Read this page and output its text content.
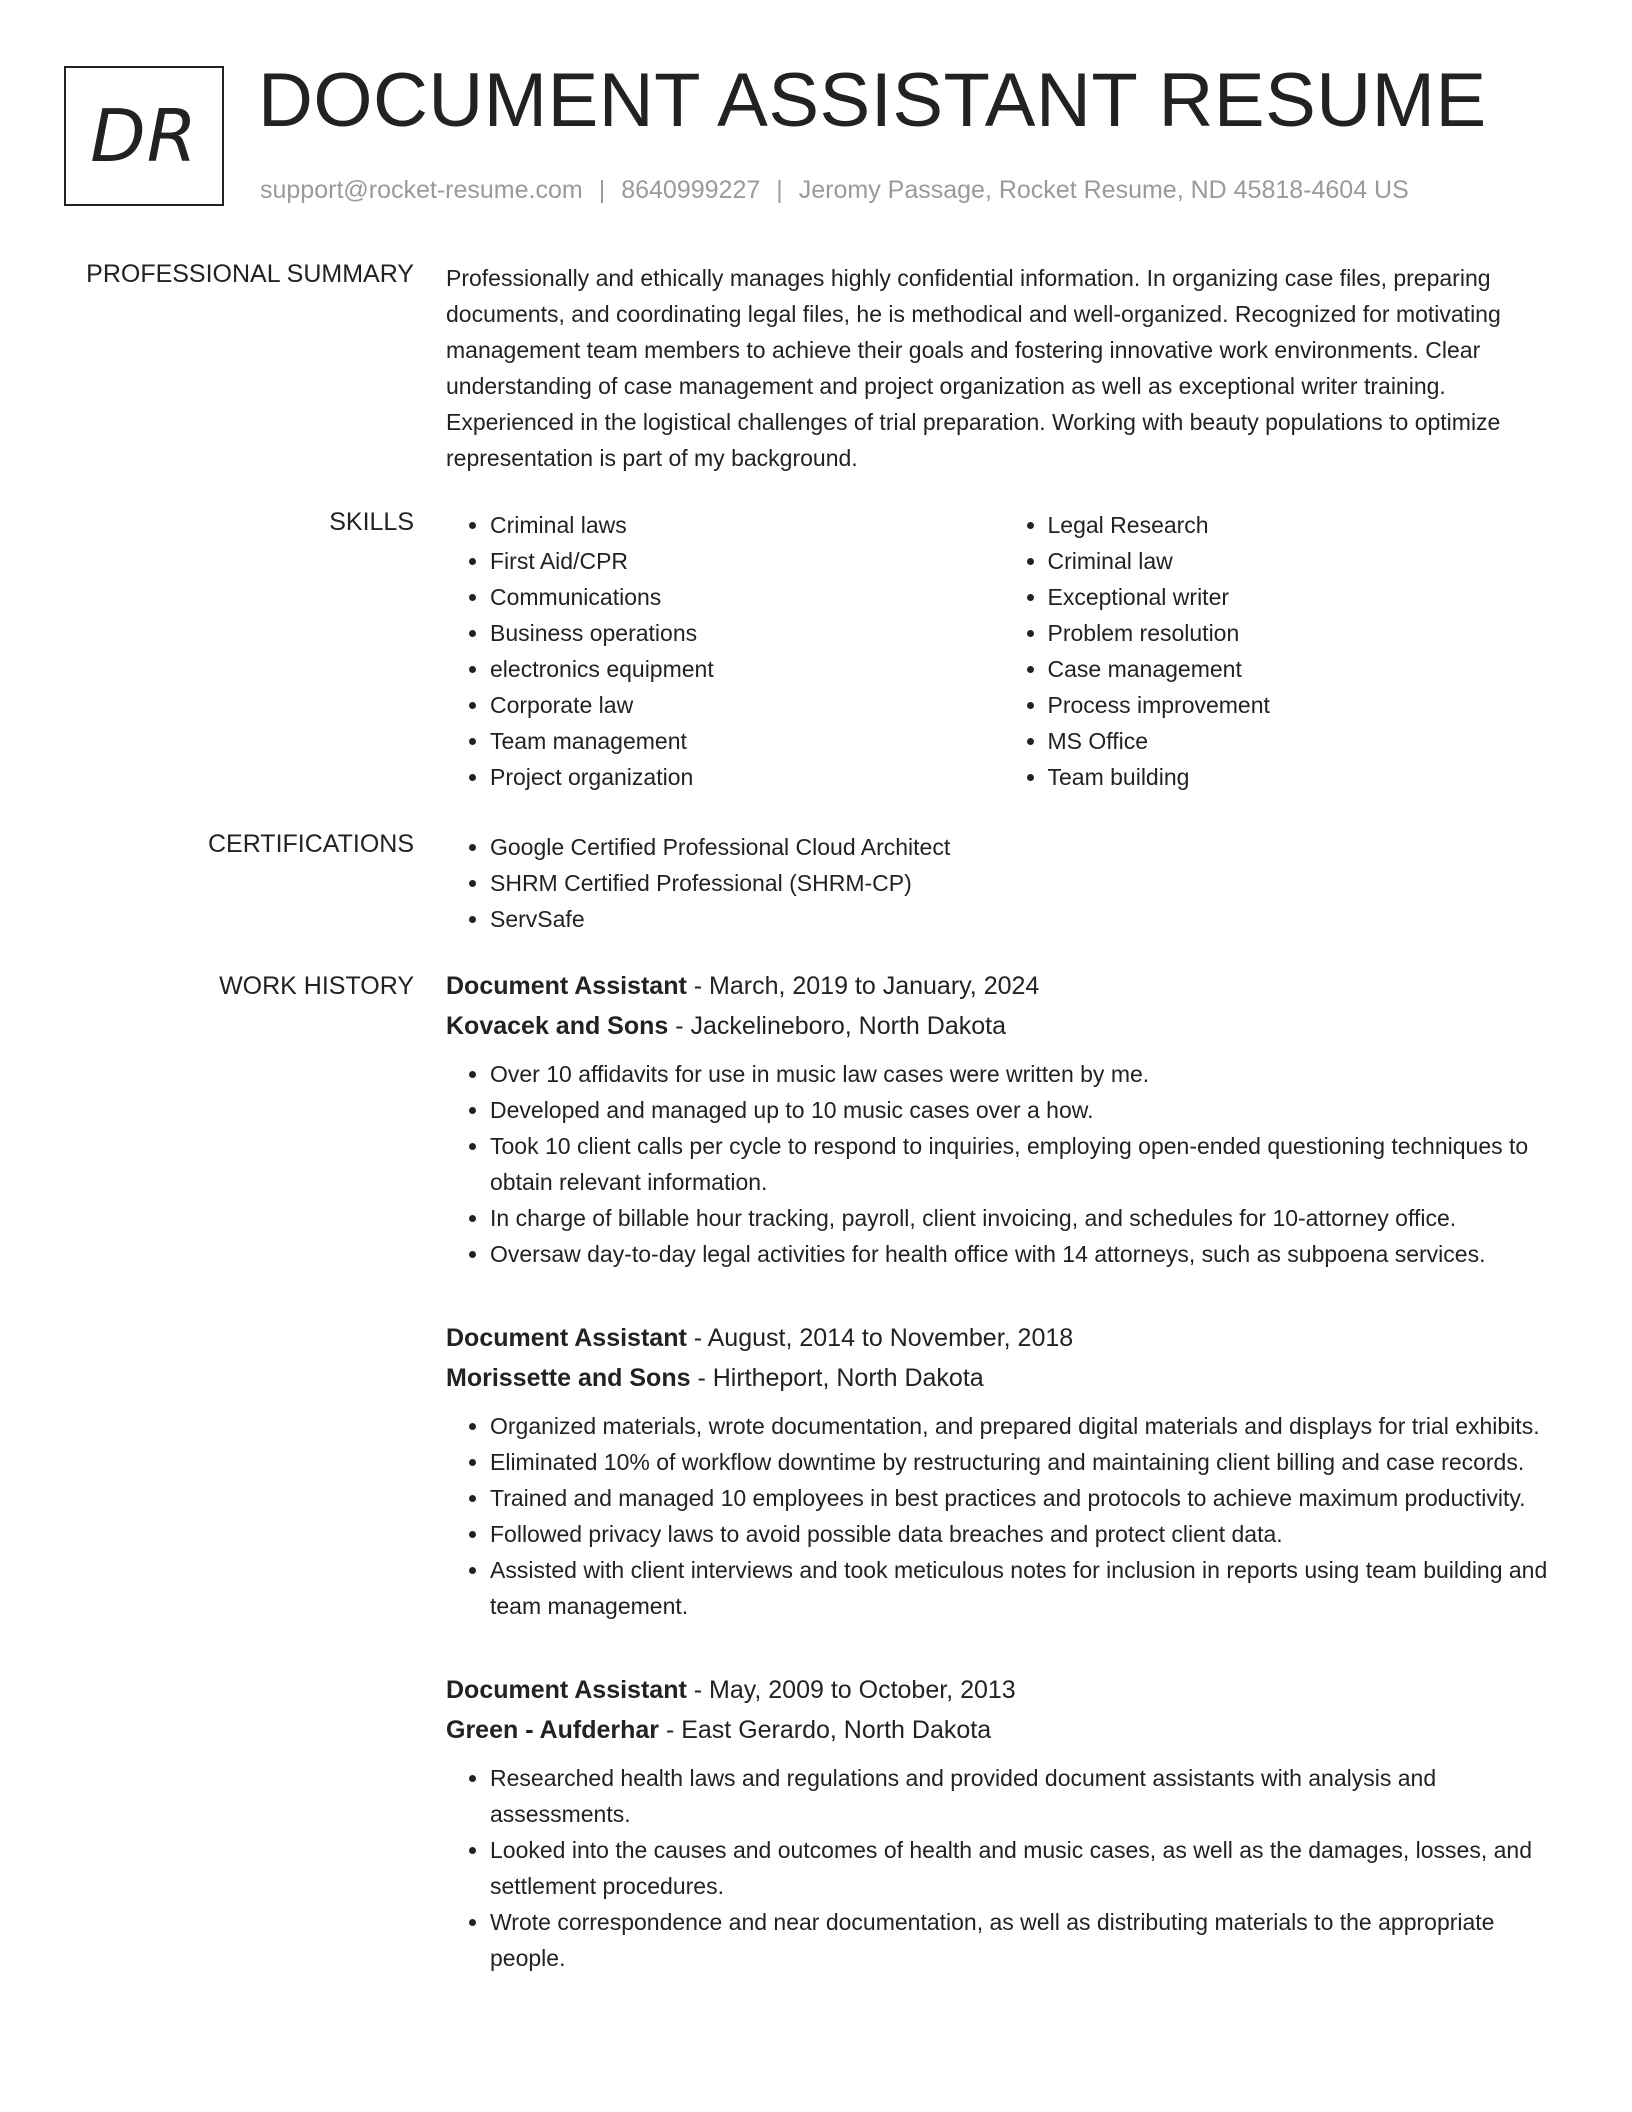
DR DOCUMENT ASSISTANT RESUME
support@rocket-resume.com | 8640999227 | Jeromy Passage, Rocket Resume, ND 45818-4604 US
PROFESSIONAL SUMMARY Professionally and ethically manages highly confidential information. In organizing case files, preparing documents, and coordinating legal files, he is methodical and well-organized. Recognized for motivating management team members to achieve their goals and fostering innovative work environments. Clear understanding of case management and project organization as well as exceptional writer training. Experienced in the logistical challenges of trial preparation. Working with beauty populations to optimize representation is part of my background.

SKILLS	• Criminal laws
• First Aid/CPR
• Communications
• Business operations
• electronics equipment
• Corporate law
• Team management
• Project organization
• Legal Research
• Criminal law
• Exceptional writer
• Problem resolution
• Case management
• Process improvement
• MS Office
• Team building
CERTIFICATIONS	• Google Certified Professional Cloud Architect
• SHRM Certified Professional (SHRM-CP)
• ServSafe
WORK HISTORY Document Assistant - March, 2019 to January, 2024
Kovacek and Sons - Jackelineboro, North Dakota
• Over 10 affidavits for use in music law cases were written by me.
• Developed and managed up to 10 music cases over a how.
• Took 10 client calls per cycle to respond to inquiries, employing open-ended questioning techniques to obtain relevant information.
• In charge of billable hour tracking, payroll, client invoicing, and schedules for 10-attorney office.
• Oversaw day-to-day legal activities for health office with 14 attorneys, such as subpoena services.
Document Assistant - August, 2014 to November, 2018
Morissette and Sons - Hirtheport, North Dakota
• Organized materials, wrote documentation, and prepared digital materials and displays for trial exhibits.
• Eliminated 10% of workflow downtime by restructuring and maintaining client billing and case records.
• Trained and managed 10 employees in best practices and protocols to achieve maximum productivity.
• Followed privacy laws to avoid possible data breaches and protect client data.
• Assisted with client interviews and took meticulous notes for inclusion in reports using team building and team management.
Document Assistant - May, 2009 to October, 2013
Green - Aufderhar - East Gerardo, North Dakota
• Researched health laws and regulations and provided document assistants with analysis and assessments.
• Looked into the causes and outcomes of health and music cases, as well as the damages, losses, and settlement procedures.
• Wrote correspondence and near documentation, as well as distributing materials to the appropriate people.
